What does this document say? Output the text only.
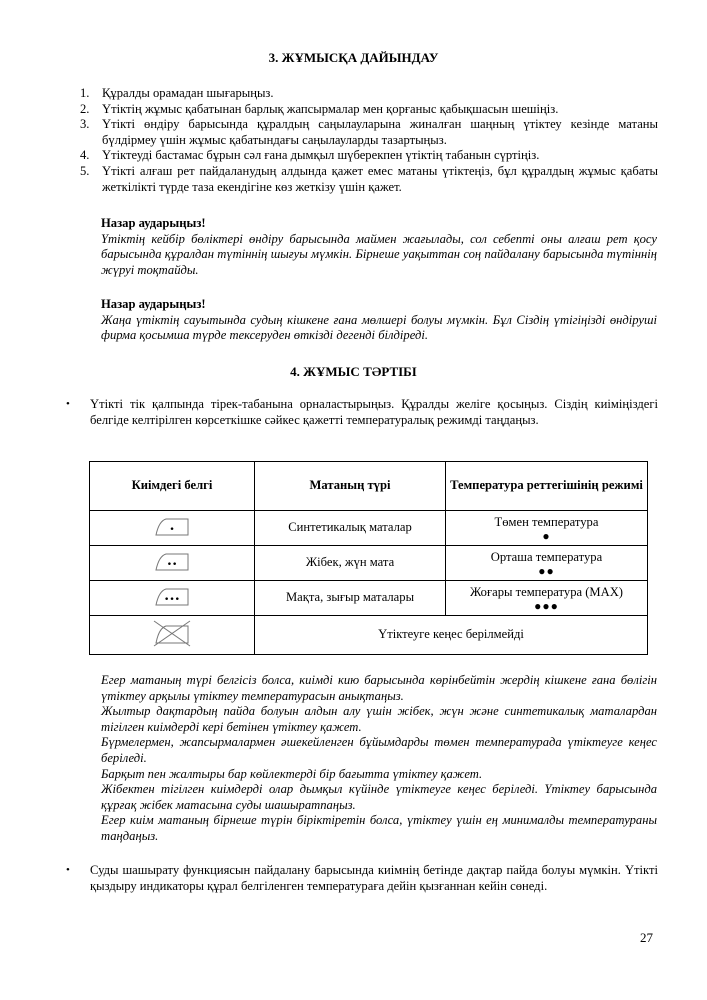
3. ЖҰМЫСҚА ДАЙЫНДАУ
1. Құралды орамадан шығарыңыз.
2. Үтіктің жұмыс қабатынан барлық жапсырмалар мен қорғаныс қабықшасын шешіңіз.
3. Үтікті өндіру барысында құралдың саңылауларына жиналған шаңның үтіктеу кезінде матаны бүлдірмеу үшін жұмыс қабатындағы саңылауларды тазартыңыз.
4. Үтіктеуді бастамас бұрын сәл ғана дымқыл шүберекпен үтіктің табанын сүртіңіз.
5. Үтікті алғаш рет пайдаланудың алдында қажет емес матаны үтіктеңіз, бұл құралдың жұмыс қабаты жеткілікті түрде таза екендігіне көз жеткізу үшін қажет.
Назар аударыңыз!
Үтіктің кейбір бөліктері өндіру барысында маймен жағылады, сол себепті оны алғаш рет қосу барысында құралдан түтіннің шығуы мүмкін. Бірнеше уақыттан соң пайдалану барысында түтіннің жүруі тоқтайды.
Назар аударыңыз!
Жаңа үтіктің сауытында судың кішкене ғана мөлшері болуы мүмкін. Бұл Сіздің үтігіңізді өндіруші фирма қосымша түрде тексеруден өткізді дегенді білдіреді.
4. ЖҰМЫС ТӘРТІБІ
• Үтікті тік қалпында тірек-табанына орналастырыңыз. Құралды желіге қосыңыз. Сіздің киіміңіздегі белгіде келтірілген көрсеткішке сәйкес қажетті температуралық режимді таңдаңыз.
Киімдегі белгі	Матаның түрі	Температура реттегішінің режимі

•	Синтетикалық маталар	Төмен температура
●

••	Жібек, жүн мата	Орташа температура
●●

•••	Мақта, зығыр маталары	Жоғары температура (MAX)
●●●

	Үтіктеуге кеңес берілмейді	

Егер матаның түрі белгісіз болса, киімді кию барысында көрінбейтін жердің кішкене ғана бөлігін үтіктеу арқылы үтіктеу температурасын анықтаңыз.

Жылтыр дақтардың пайда болуын алдын алу үшін жібек, жүн және синтетикалық маталардан тігілген киімдерді кері бетінен үтіктеу қажет.

Бүрмелермен, жапсырмалармен әшекейленген бұйымдарды төмен температурада үтіктеуге кеңес беріледі.

Барқыт пен жалтыры бар көйлектерді бір бағытта үтіктеу қажет.

Жібектен тігілген киімдерді олар дымқыл күйінде үтіктеуге кеңес беріледі. Үтіктеу барысында құрғақ жібек матасына суды шашыратпаңыз.

Егер киім матаның бірнеше түрін біріктіретін болса, үтіктеу үшін ең минималды температураны таңдаңыз.

• Суды шашырату функциясын пайдалану барысында киімнің бетінде дақтар пайда болуы мүмкін. Үтікті қыздыру индикаторы құрал белгіленген температураға дейін қызғаннан кейін сөнеді.
27
